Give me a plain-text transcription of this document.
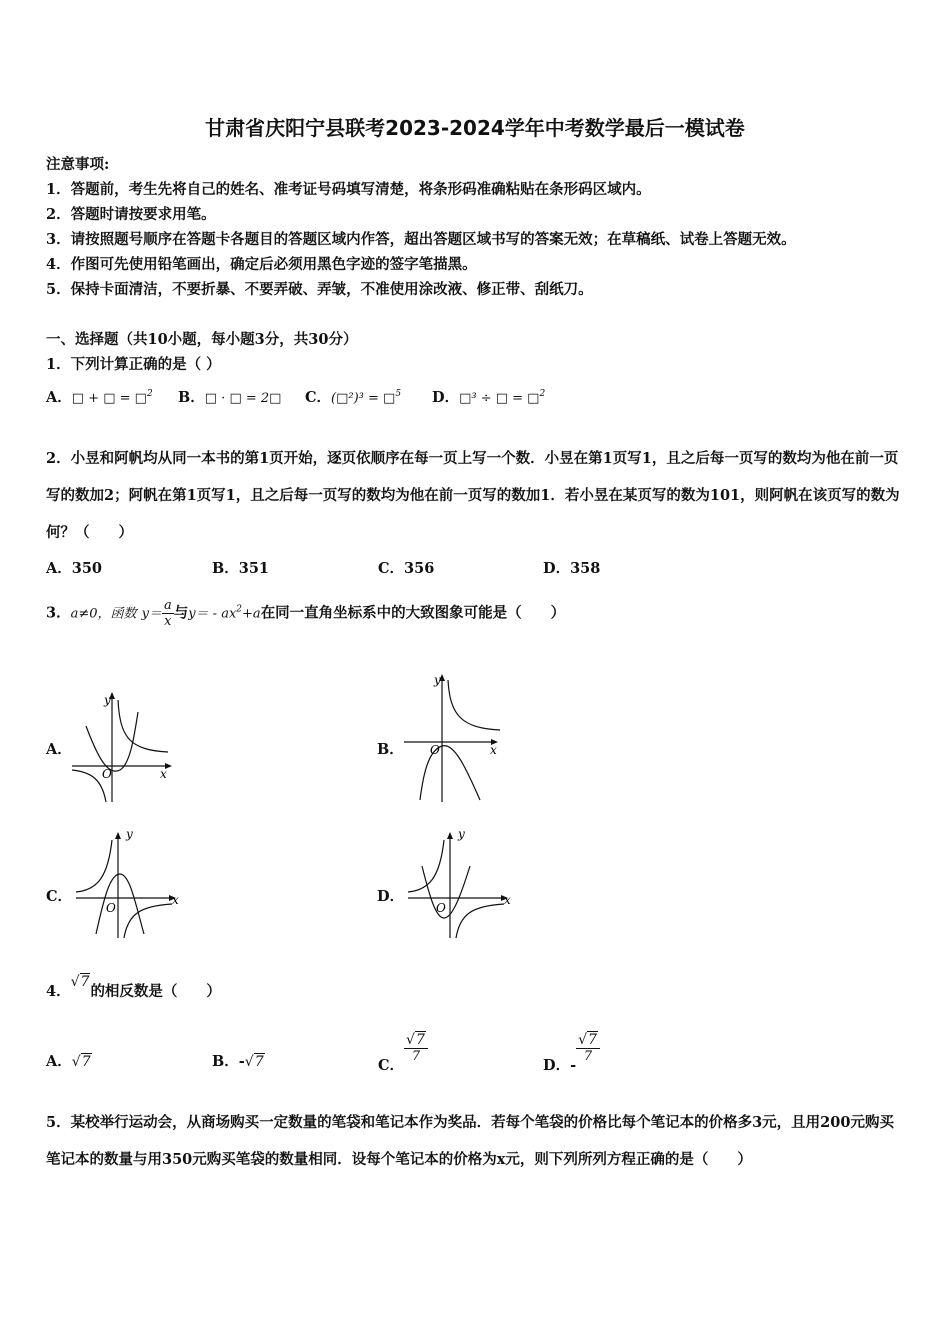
甘肃省庆阳宁县联考2023-2024学年中考数学最后一模试卷
注意事项:
1．答题前，考生先将自己的姓名、准考证号码填写清楚，将条形码准确粘贴在条形码区域内。
2．答题时请按要求用笔。
3．请按照题号顺序在答题卡各题目的答题区域内作答，超出答题区域书写的答案无效；在草稿纸、试卷上答题无效。
4．作图可先使用铅笔画出，确定后必须用黑色字迹的签字笔描黑。
5．保持卡面清洁，不要折暴、不要弄破、弄皱，不准使用涂改液、修正带、刮纸刀。
一、选择题（共10小题，每小题3分，共30分）
1．下列计算正确的是（ ）
A．□ + □ = □$^2$ B．□ · □ = 2□ C．(□²)³ = □$^5$ D．□³ ÷ □ = □$^2$
2．小昱和阿帆均从同一本书的第1页开始，逐页依顺序在每一页上写一个数．小昱在第1页写1，且之后每一页写的数均为他在前一页写的数加2；阿帆在第1页写1，且之后每一页写的数均为他在前一页写的数加1．若小昱在某页写的数为101，则阿帆在该页写的数为何？（　　）
A．350	B．351	C．356	D．358
3．a≠0，函数 $y= \frac{a}{x}$ 与$y= - ax^2+a$在同一直角坐标系中的大致图象可能是（　　）
A．
y
x
O
B．
y
x
O
C．
y
x
O
D．
y
x
O
4．√7的相反数是（　　）
A．√7	B．-√7	C．
$\frac{√7}{7}$
D．-
$\frac{√7}{7}$
5．某校举行运动会，从商场购买一定数量的笔袋和笔记本作为奖品．若每个笔袋的价格比每个笔记本的价格多3元，且用200元购买笔记本的数量与用350元购买笔袋的数量相同．设每个笔记本的价格为x元，则下列所列方程正确的是（　　）
